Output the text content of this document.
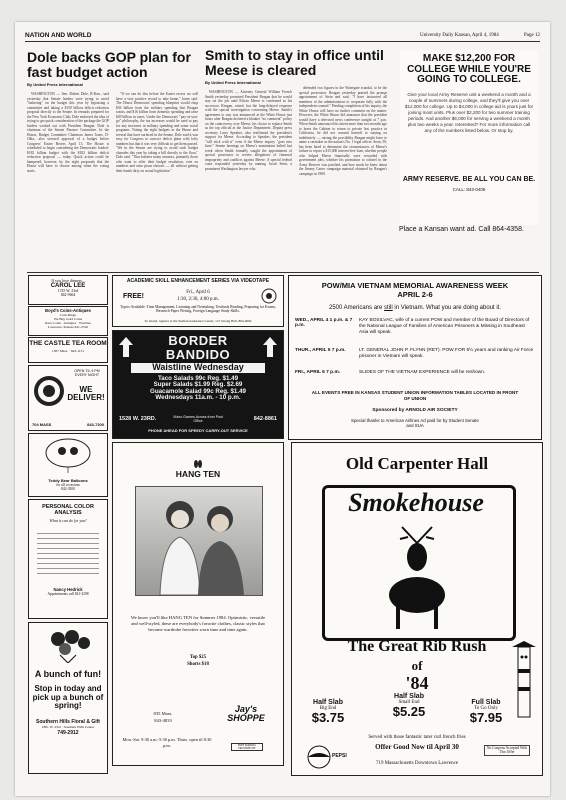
NATION AND WORLD	University Daily Kansan, April 4, 1984	Page 12
Dole backs GOP plan for fast budget action
By United Press International
WASHINGTON — Sen. Robert Dole, R-Kan., said yesterday that Senate leaders were trying to avoid "tinkering" on the budget this year by bypassing a committee and taking a $150 billion deficit reduction proposal directly to the Senate. In remarks prepared for the New York Economic Club, Dole endorsed the idea of trying to get quick consideration of the package the GOP leaders worked out with President Reagan. Dole is chairman of the Senate Finance Committee. In the House, Budget Committee Chairman James Jones, D-Okla., also stressed approval of a budget before Congress' Easter Recess April 13. The House is scheduled to begin considering the Democratic leaders' $182 billion budget with the $182 billion deficit reduction proposal — today. Quick action could be hampered, however, by the eight proposals that the House will have to choose among when the voting starts.
"If we can do this before the Easter recess we will have a very positive record to take home," Jones said. The House Democrats' spending blueprint would chop $36 billion from the military spending that Reagan wants, and $16 billion from domestic spending and raise $49 billion in taxes. Under the Democrats' "pay-as-you-go" philosophy, the tax increases would be used to pay for any increases in military spending and some social programs. Noting the eight budgets in the House and several that have surfaced in the Senate, Dole said it was easy for Congress to concoct deficit plans with lofty numbers but that it was very difficult to get them passed. "We in the Senate are trying to avoid such budget charades this year by taking a bill directly to the floor," Dole said. "That bolsters many senators, primarily those who want to offer their budget resolution, vote on numbers and raise pious rhetoric — all without getting their hands dirty on actual legislation."
Smith to stay in office until Meese is cleared
By United Press International
WASHINGTON — Attorney General William French Smith yesterday promised President Reagan that he would stay on the job until Edwin Meese is confirmed as his successor. Reagan, raised, but the long-delayed response with the special investigation concerning Meese. Smith's agreement to stay was announced at the White House just hours after Reagan declared a blanket "no comment" policy on the controversy over Meese, his choice to replace Smith as the top official at the Justice Department. Deputy press secretary Larry Speakes, also reaffirmed the president's support for Meese. According to Speakes, the president "will stick with it" even if the Meese inquiry "goes into June." Senate hearings on Meese's nomination halted last week when Smith formally sought the appointment of special prosecutor to review allegations of financial impropriety and conflicts against Meese. A special federal court responded yesterday by naming Jacob Stein, a prominent Washington lawyer who
defended two figures in the Watergate scandal, to be the special prosecutor. Reagan yesterday praised the prompt appointment of Stein and said, "I have instructed all members of the administration to cooperate fully with the independent counsel." Pending completion of his inquiry, the White House will have no further comment on the matter. However, the White House did announce that the president would have a televised news conference tonight at 7 p.m. When Smith announced his intent more than two months ago to leave the Cabinet to return to private law practice in California, he did not commit himself to staying on indefinitely — raising the possibility Reagan might have to name a caretaker as the nation's No. 1 legal officer. Stein, 59, has been hired to determine the circumstances of Meese's failure to report a $15,000 interest-free loan, whether people who helped Meese financially were rewarded with government jobs, whether his promotion to colonel in the Army Reserve was justified, and how much he knew about the Jimmy Carter campaign material obtained by Reagan's campaign in 1980.
MAKE $12,200 FOR COLLEGE WHILE YOU'RE GOING TO COLLEGE.
Give your local Army Reserve unit a weekend a month and a couple of summers during college, and they'll give you over $12,000 for college. Up to $4,000 in college aid is yours just for joining most units. Plus over $2,200 for two summer training periods. And another $6,000 for serving a weekend a month plus two weeks a year. Interested? For more information call any of the numbers listed below. Or stop by.
ARMY RESERVE. BE ALL YOU CAN BE.
CALL: 843-0405
Place a Kansan want ad. Call 864-4358.
If you love dinners...
CAROL LEE
1745 W. 23rd
842-9664
Boyd's Coins-Antiques
Coin Rings
We Buy Gold Coins
Rare Coins · Antiques · Watches
Lawrence, Kansas 841-2316
THE CASTLE TEA ROOM
1307 Mass. · 843-1151
OPEN TIL 9 PM EVERY NIGHT
WE DELIVER!
704 MASS	843-7200
Teddy Bear Balloons
for all occasions
842-3500
PERSONAL COLOR ANALYSIS
What it can do for you!
Nancy Hedrick
Appointments call 841-3298
A bunch of fun!
Stop in today and pick up a bunch of spring!
Southern Hills Floral & Gift
1801 W. 23rd · Southern Hills Center
749-2912
ACADEMIC SKILL ENHANCEMENT SERIES VIA VIDEOTAPE
FREE!
Fri., April 6
1:30, 2:30, 4:00 p.m.
Topics Available: Time Management, Listening and Notetaking, Textbook Reading, Preparing for Exams, Research Paper Writing, Foreign Language Study Skills.
To attend, register at the Student Assistance Center, 121 Strong Hall, 864-4064
BORDER BANDIDO
Waistline Wednesday
Taco Salads 99c Reg. $1.49
Super Salads $1.99 Reg. $2.69
Guacamole Salad 99c Reg. $1.49
Wednesdays 11a.m. - 10 p.m.
1528 W. 23RD.	Video Games Across from Post Office	842-8861
PHONE AHEAD FOR SPEEDY CARRY-OUT SERVICE
HANG TEN
We know you'll like HANG TEN for Summer 1984. Optimistic, versatile and well-styled, these are everybody's favorite clothes, classic styles that become wardrobe favorites worn time and time again.
Top $25
Shorts $18
835 Mass.
843-4833
Mon.-Sat. 9:30 a.m.-5:30 p.m. Thurs. open til 8:30 p.m.
Jay's SHOPPE
FREE PARKING PROVIDED BY
POW/MIA VIETNAM MEMORIAL AWARENESS WEEK
APRIL 2-6
2500 Americans are still in Vietnam. What you are doing about it.
WED., APRIL 4 1 p.m. & 7 p.m.
KAY BOSILVAC, wife of a current POW and member of the Board of Directors of the National League of Families of American Prisoners & Missing in Southeast Asia will speak.
THUR., APRIL 5 7 p.m.	LT. GENERAL JOHN P. FLYNN (RET). POW FOR 5½ years and ranking Air Force prisoner in Vietnam will speak.
FRI., APRIL 6 7 p.m.	SLIDES OF THE VIETNAM EXPERIENCE will be reshown.
ALL EVENTS FREE IN KANSAS STUDENT UNION INFORMATION TABLES LOCATED IN FRONT OF UNION
Sponsored by ARNOLD AIR SOCIETY
Special thanks to American Airlines Ad paid for by Student Senate and SUA
Old Carpenter Hall
Smokehouse
The Great Rib Rush
of
'84
Half Slab
Big End
$3.75
Half Slab
Small End
$5.25
Full Slab
To Go Only
$7.95
Served with those fantastic tater curl french fries
PEPSI
Offer Good Now til April 30
719 Massachusetts Downtown Lawrence
No Coupons Accepted With This Offer
